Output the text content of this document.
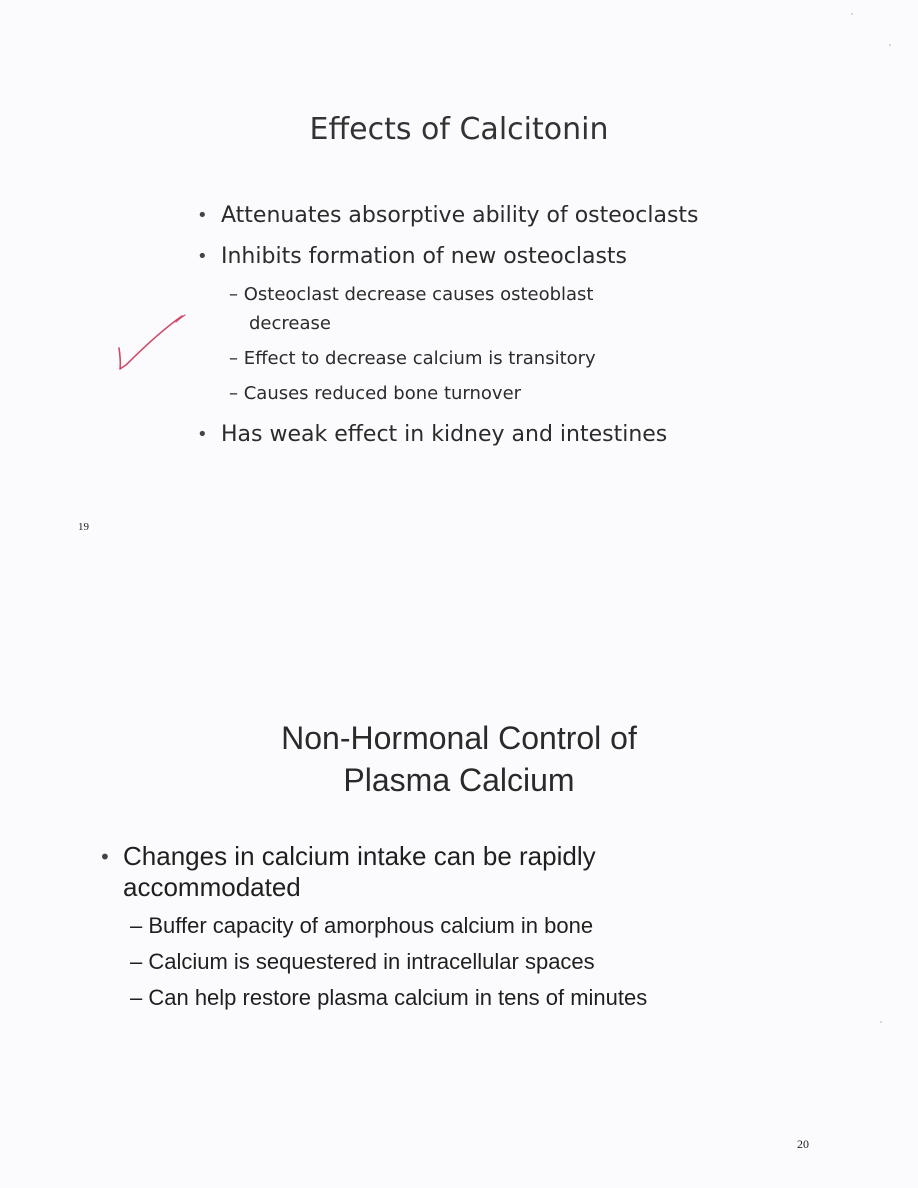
Effects of Calcitonin
• Attenuates absorptive ability of osteoclasts
• Inhibits formation of new osteoclasts
– Osteoclast decrease causes osteoblast
decrease
– Effect to decrease calcium is transitory
– Causes reduced bone turnover
• Has weak effect in kidney and intestines
19
Non-Hormonal Control of
Plasma Calcium
• Changes in calcium intake can be rapidly
accommodated
– Buffer capacity of amorphous calcium in bone
– Calcium is sequestered in intracellular spaces
– Can help restore plasma calcium in tens of minutes
20
